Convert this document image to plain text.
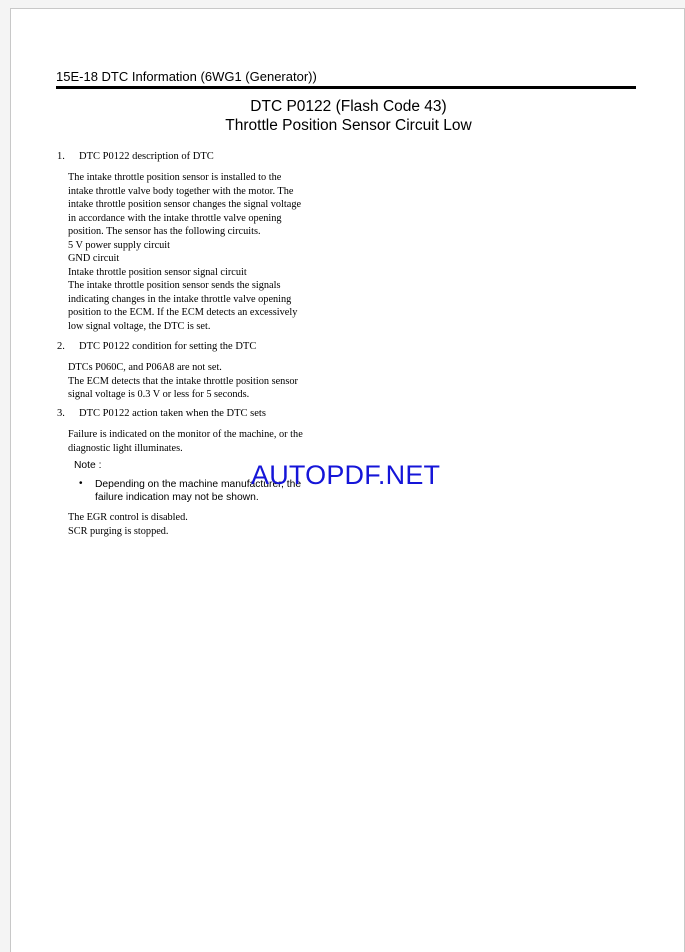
15E-18 DTC Information (6WG1 (Generator))
DTC P0122 (Flash Code 43)
Throttle Position Sensor Circuit Low
1. DTC P0122 description of DTC
The intake throttle position sensor is installed to the
intake throttle valve body together with the motor. The
intake throttle position sensor changes the signal voltage
in accordance with the intake throttle valve opening
position. The sensor has the following circuits.
5 V power supply circuit
GND circuit
Intake throttle position sensor signal circuit
The intake throttle position sensor sends the signals
indicating changes in the intake throttle valve opening
position to the ECM. If the ECM detects an excessively
low signal voltage, the DTC is set.
2. DTC P0122 condition for setting the DTC
DTCs P060C, and P06A8 are not set.
The ECM detects that the intake throttle position sensor
signal voltage is 0.3 V or less for 5 seconds.
3. DTC P0122 action taken when the DTC sets
Failure is indicated on the monitor of the machine, or the
diagnostic light illuminates.
Note :
• Depending on the machine manufacturer, the
failure indication may not be shown.
The EGR control is disabled.
SCR purging is stopped.
AUTOPDF.NET
